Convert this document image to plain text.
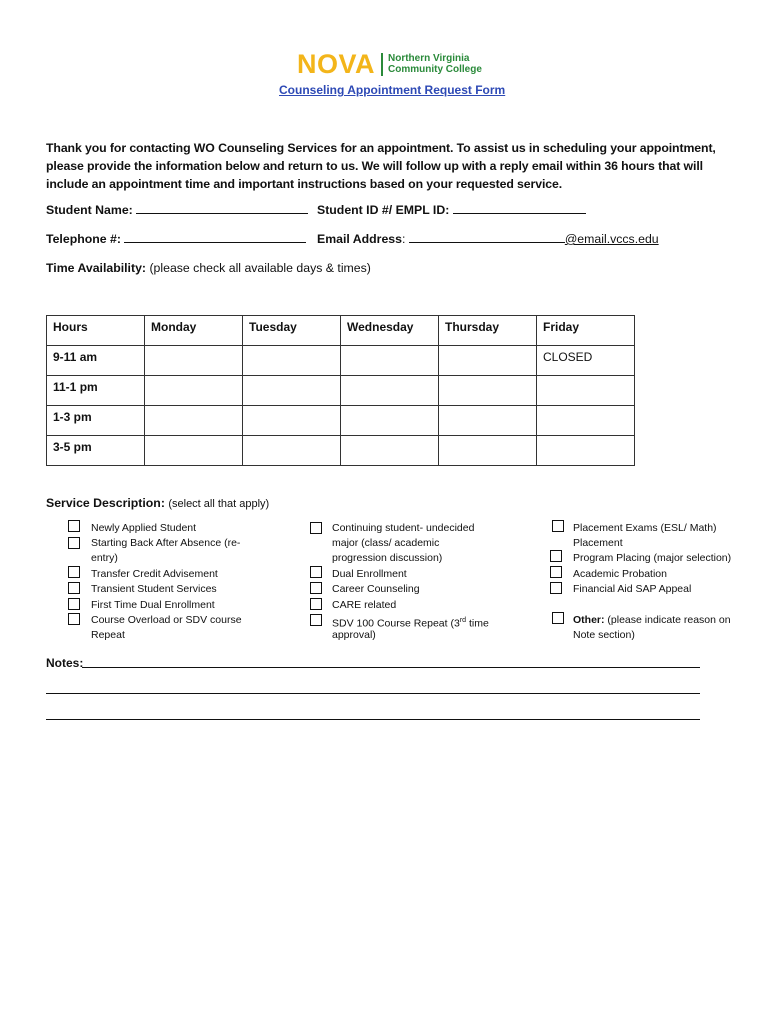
NOVA Northern Virginia
Community College
Counseling Appointment Request Form
Thank you for contacting WO Counseling Services for an appointment. To assist us in scheduling your appointment, please provide the information below and return to us. We will follow up with a reply email within 36 hours that will include an appointment time and important instructions based on your requested service.
Student Name:	Student ID #/ EMPL ID:
Telephone #:	Email Address:	@email.vccs.edu
Time Availability: (please check all available days & times)
Hours	Monday	Tuesday	Wednesday	Thursday	Friday
9-11 am					CLOSED
11-1 pm					
1-3 pm					
3-5 pm					
Service Description: (select all that apply)
Newly Applied Student
Starting Back After Absence (re-
entry)
Transfer Credit Advisement
Transient Student Services
First Time Dual Enrollment
Course Overload or SDV course
Repeat
Continuing student- undecided
major (class/ academic
progression discussion)
Dual Enrollment
Career Counseling
CARE related
SDV 100 Course Repeat (3rd time
approval)
Placement Exams (ESL/ Math)
Placement
Program Placing (major selection)
Academic Probation
Financial Aid SAP Appeal
Other: (please indicate reason on
Note section)
Notes:
